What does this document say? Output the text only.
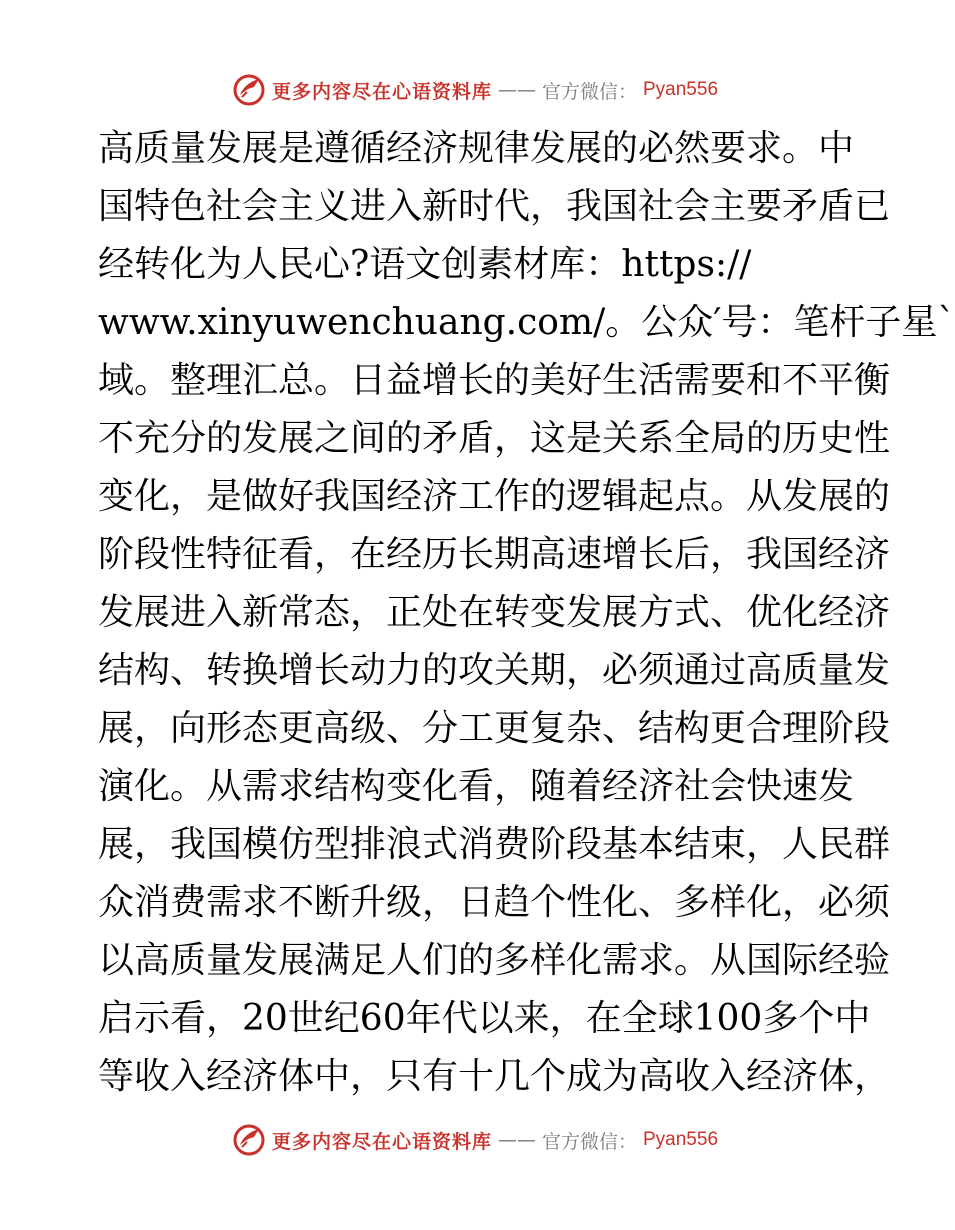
更多内容尽在心语资料库 —— 官方微信： Pyan556
高质量发展是遵循经济规律发展的必然要求。中
国特色社会主义进入新时代，我国社会主要矛盾已
经转化为人民心?语文创素材库：https://
www.xinyuwenchuang.com/。公众′号：笔杆子星`
域。整理汇总。日益增长的美好生活需要和不平衡
不充分的发展之间的矛盾，这是关系全局的历史性
变化，是做好我国经济工作的逻辑起点。从发展的
阶段性特征看，在经历长期高速增长后，我国经济
发展进入新常态，正处在转变发展方式、优化经济
结构、转换增长动力的攻关期，必须通过高质量发
展，向形态更高级、分工更复杂、结构更合理阶段
演化。从需求结构变化看，随着经济社会快速发
展，我国模仿型排浪式消费阶段基本结束，人民群
众消费需求不断升级，日趋个性化、多样化，必须
以高质量发展满足人们的多样化需求。从国际经验
启示看，20世纪60年代以来，在全球100多个中
等收入经济体中，只有十几个成为高收入经济体，
更多内容尽在心语资料库 —— 官方微信： Pyan556
